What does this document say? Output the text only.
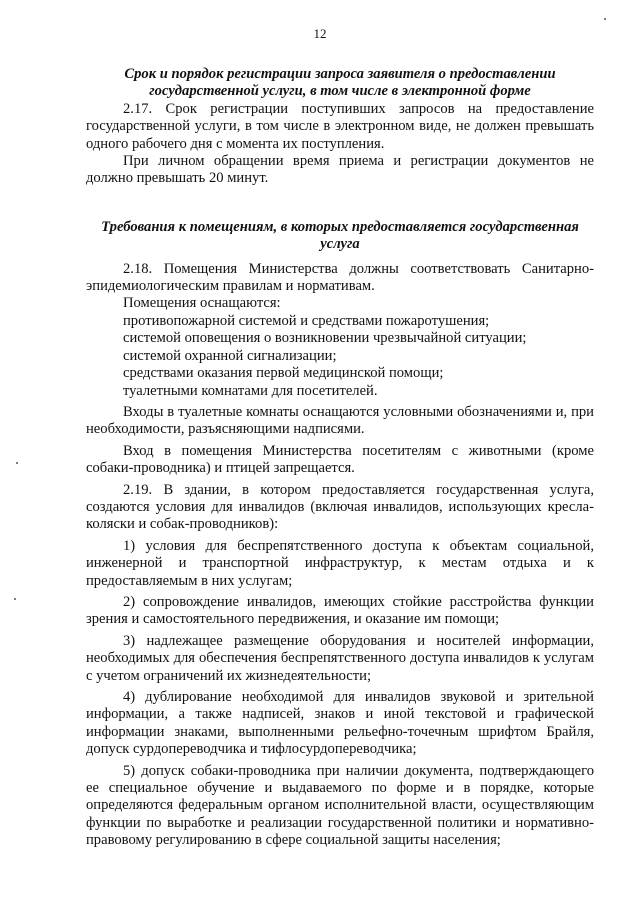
12
Срок и порядок регистрации запроса заявителя о предоставлении государственной услуги, в том числе в электронной форме

2.17. Срок регистрации поступивших запросов на предоставление государственной услуги, в том числе в электронном виде, не должен превышать одного рабочего дня с момента их поступления.

При личном обращении время приема и регистрации документов не должно превышать 20 минут.

Требования к помещениям, в которых предоставляется государственная услуга

2.18. Помещения Министерства должны соответствовать Санитарно-эпидемиологическим правилам и нормативам.

Помещения оснащаются:

противопожарной системой и средствами пожаротушения;

системой оповещения о возникновении чрезвычайной ситуации;

системой охранной сигнализации;

средствами оказания первой медицинской помощи;

туалетными комнатами для посетителей.

Входы в туалетные комнаты оснащаются условными обозначениями и, при необходимости, разъясняющими надписями.

Вход в помещения Министерства посетителям с животными (кроме собаки-проводника) и птицей запрещается.

2.19. В здании, в котором предоставляется государственная услуга, создаются условия для инвалидов (включая инвалидов, использующих кресла-коляски и собак-проводников):

1) условия для беспрепятственного доступа к объектам социальной, инженерной и транспортной инфраструктур, к местам отдыха и к предоставляемым в них услугам;

2) сопровождение инвалидов, имеющих стойкие расстройства функции зрения и самостоятельного передвижения, и оказание им помощи;

3) надлежащее размещение оборудования и носителей информации, необходимых для обеспечения беспрепятственного доступа инвалидов к услугам с учетом ограничений их жизнедеятельности;

4) дублирование необходимой для инвалидов звуковой и зрительной информации, а также надписей, знаков и иной текстовой и графической информации знаками, выполненными рельефно-точечным шрифтом Брайля, допуск сурдопереводчика и тифлосурдопереводчика;

5) допуск собаки-проводника при наличии документа, подтверждающего ее специальное обучение и выдаваемого по форме и в порядке, которые определяются федеральным органом исполнительной власти, осуществляющим функции по выработке и реализации государственной политики и нормативно-правовому регулированию в сфере социальной защиты населения;
